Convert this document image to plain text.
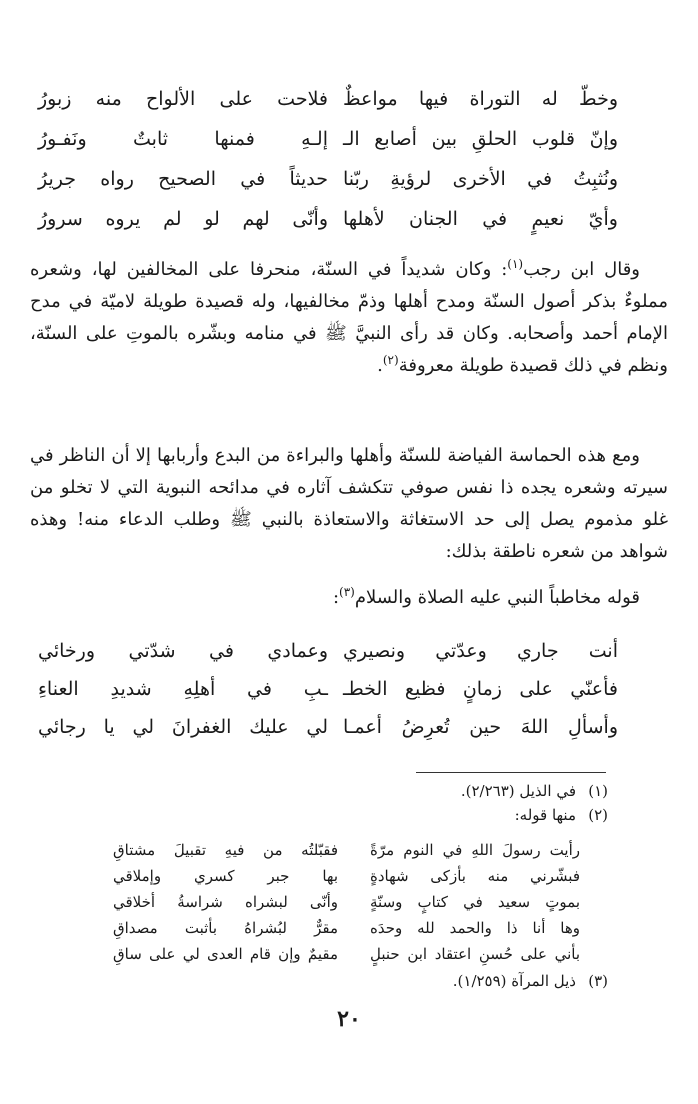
وخطّ له التوراة فيها مواعظٌ
فلاحت على الألواح منه زبورُ
وإنّ قلوب الحلقِ بين أصابع الـ
إلـهِ فمنها ثابتٌ ونَفـورُ
ونُثبِتُ في الأخرى لرؤيةِ ربّنا
حديثاً في الصحيح رواه جريرُ
وأيّ نعيمٍ في الجنان لأهلها
وأنّى لهم لو لم يروه سرورُ
وقال ابن رجب$^{(١)}$: وكان شديداً في السنّة، منحرفا على المخالفين لها، وشعره مملوءٌ بذكر أصول السنّة ومدح أهلها وذمّ مخالفيها، وله قصيدة طويلة لاميّة في مدح الإمام أحمد وأصحابه. وكان قد رأى النبيَّ ﷺ في منامه وبشّره بالموتِ على السنّة، ونظم في ذلك قصيدة طويلة معروفة$^{(٢)}$.
ومع هذه الحماسة الفياضة للسنّة وأهلها والبراءة من البدع وأربابها إلا أن الناظر في سيرته وشعره يجده ذا نفس صوفي تتكشف آثاره في مدائحه النبوية التي لا تخلو من غلو مذموم يصل إلى حد الاستغاثة والاستعاذة بالنبي ﷺ وطلب الدعاء منه! وهذه شواهد من شعره ناطقة بذلك:
قوله مخاطباً النبي عليه الصلاة والسلام$^{(٣)}$:
أنت جاري وعدّتي ونصيري
وعمادي في شدّتي ورخائي
فأعنّي على زمانٍ فظيع الخطـ
ـبِ في أهلِهِ شديدِ العناءِ
وأسألِ اللهَ حين تُعرِضُ أعمـا
لي عليك الغفرانَ لي يا رجائي
(١)
في الذيل (٢/٢٦٣).
(٢)
منها قوله:
رأيت رسولَ اللهِ في النوم مرّةً
فقبّلتُه من فيهِ تقبيلَ مشتاقِ
فبشّرني منه بأزكى شهادةٍ
بها جبر كسري وإملاقي
بموتٍ سعيد في كتابٍ وسنّةٍ
وأنّى لبشراه شراسةُ أخلاقي
وها أنا ذا والحمد لله وحدَه
مقرٌّ لبُشراهُ بأثبت مصداقِ
بأني على حُسنِ اعتقاد ابن حنبلٍ
مقيمٌ وإن قام العدى لي على ساقِ
(٣)
ذيل المرآة (١/٢٥٩).
٢٠
